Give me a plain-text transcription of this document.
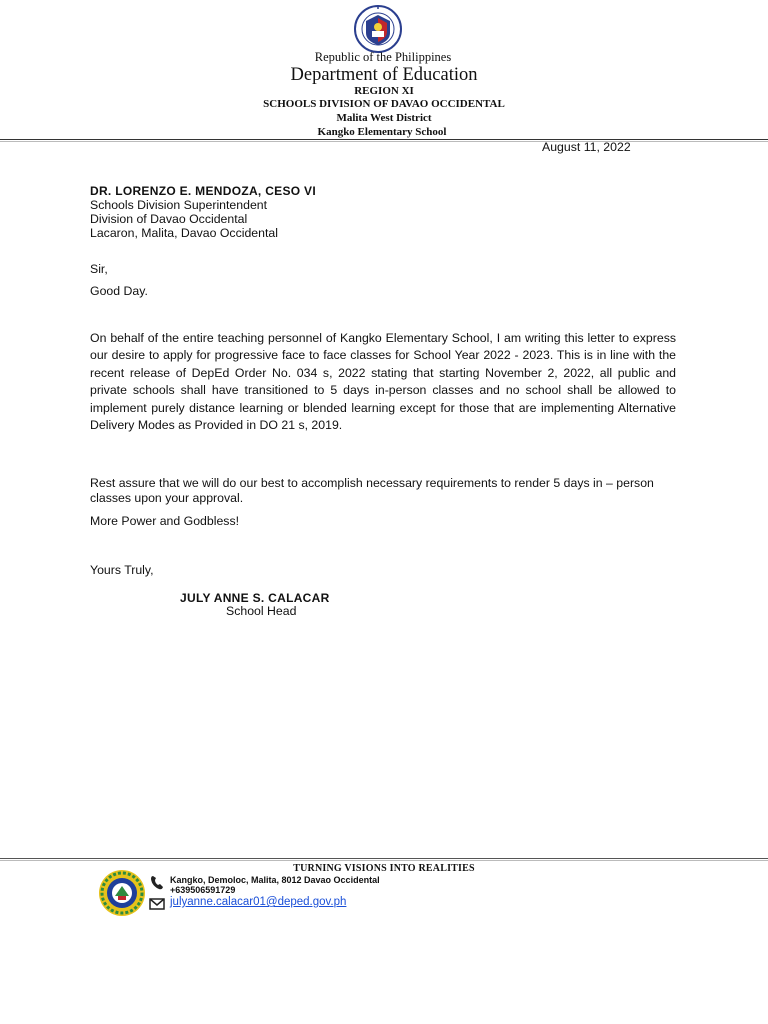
Republic of the Philippines
Department of Education
REGION XI
SCHOOLS DIVISION OF DAVAO OCCIDENTAL
Malita West District
Kangko Elementary School
August 11, 2022
DR. LORENZO E. MENDOZA, CESO VI
Schools Division Superintendent
Division of Davao Occidental
Lacaron, Malita, Davao Occidental
Sir,
Good Day.
On behalf of the entire teaching personnel of Kangko Elementary School, I am writing this letter to express our desire to apply for progressive face to face classes for School Year 2022 - 2023. This is in line with the recent release of DepEd Order No. 034 s, 2022 stating that starting November 2, 2022, all public and private schools shall have transitioned to 5 days in-person classes and no school shall be allowed to implement purely distance learning or blended learning except for those that are implementing Alternative Delivery Modes as Provided in DO 21 s, 2019.
Rest assure that we will do our best to accomplish necessary requirements to render 5 days in – person classes upon your approval.
More Power and Godbless!
Yours Truly,
JULY ANNE S. CALACAR
School Head
TURNING VISIONS INTO REALITIES
Kangko, Demoloc, Malita, 8012 Davao Occidental
+639506591729
julyanne.calacar01@deped.gov.ph
